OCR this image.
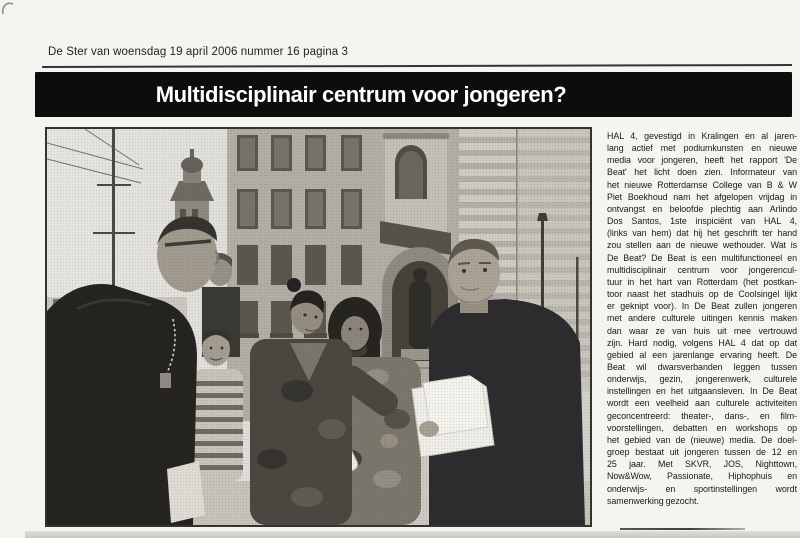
De Ster van woensdag 19 april 2006 nummer 16 pagina 3
Multidisciplinair centrum voor jongeren?
HAL 4, gevestigd in Kralingen en al jaren-
lang actief met podiumkunsten en nieuwe
media voor jongeren, heeft het rapport 'De
Beat' het licht doen zien. Informateur van
het nieuwe Rotterdamse College van B & W
Piet Boekhoud nam het afgelopen vrijdag in
ontvangst en beloofde plechtig aan Arlindo
Dos Santos, 1ste inspiciënt van HAL 4,
(links van hem) dat hij het geschrift ter hand
zou stellen aan de nieuwe wethouder. Wat is
De Beat? De Beat is een multifunctioneel en
multidisciplinair centrum voor jongerencul-
tuur in het hart van Rotterdam (het postkan-
toor naast het stadhuis op de Coolsingel lijkt
er geknipt voor). In De Beat zullen jongeren
met andere culturele uitingen kennis maken
dan waar ze van huis uit mee vertrouwd
zijn. Hard nodig, volgens HAL 4 dat op dat
gebied al een jarenlange ervaring heeft. De
Beat wil dwarsverbanden leggen tussen
onderwijs, gezin, jongerenwerk, culturele
instellingen en het uitgaansleven. In De Beat
wordt een veelheid aan culturele activiteiten
geconcentreerd: theater-, dans-, en film-
voorstellingen, debatten en workshops op
het gebied van de (nieuwe) media. De doel-
groep bestaat uit jongeren tussen de 12 en
25 jaar. Met SKVR, JOS, Nighttown,
Now&Wow, Passionate, Hiphophuis en
onderwijs- en sportinstellingen wordt
samenwerking gezocht.
